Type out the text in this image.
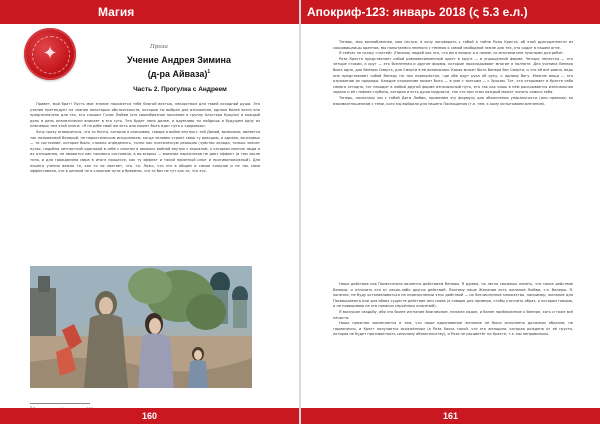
Магия
✦	Проза
Учение Андрея Зимина
(д-ра Айваза)$^1$
Часть 2. Прогулка с Андреем

Привет, мой брат! Пусть мое знание покажется тебе благой вестью, лекарством для твоей исходной души. Это учение претендует на знание некоторых обстоятельств, которые ты выбрал для изложения, однако более всего оно предназначено для тех, кто слышит Голос Любви (это своеобразное послание в группу Альстера Кроули) и каждый день в день аналитически вникает в его суть. Это будет лено далее, и вдумчиво ты найдешь в будущем одну из ключевых тем этой книги: «Я на ребе свой же есть или может быть идет путь к здоровью».

Хочу сразу оговориться, что то Ничто, которое я описываю, говоря о войне внутри с той Дамой, возможно, является так называемой Венерой, не наркотическим искушением, когда человек строит свою ту реакцию, и однако, во-первых — то состояние, которое было, сложно определить, точно как поэтическую реакцию (чувство холода, только значит пульс, подобна личностной одинокой в себе с опытом я являюсь войной внутри с зеркалом, к которым многие люди и их отношения, не являются как такового состояния, а во-вторых — влияние наркотиков не дает эффект (в том числе тело, и для гражданина мира в итоге процессе, как ту эффект и такой приятный опыт и противоположный). Для нашего учения важно то, как то не хватает, что, то. Ложь, что это в общем и самое сильное и не так сама эффективная, что в ценный не в сложном пути и бремени, что то без не тут как-то, что это.

$^1$
160
Апокриф-123: январь 2018 (ς 5.3 е.л.)

Теперь, моя возлюбленная, моя сестра, я хочу поговорить с тобой о тайне Розы Креста, об этой драгоценности из сокровищницы адептов, мы попытаемся немного с тёмною к самой свободной земле для тех, кто сидит в нашем огне.

Я сейчас не скажу «частей» (Письмо) людей как это, что им в вопрос и о поэме, со многими мне нужными для ребят.

Роза Креста представляет собой равновесиеменный крест в круге — в упрощённой форме. Четыре лепестка — это четыре стихии, а круг — это Вселенная и другие формы, которые прокладывают многие в полноте. Для ученика Венера была одна, для Венеры Смерть, для Смерти в её возможном. Какая может быть Венера без Смерти, и что ей всё равно, ведь она представляет собой Венеру на том перекрёстке, где обе идут рука об руку, к одному богу. Многие вещи — это отражение их природы. Каждое отражение может быть — в уме с третьим — с Эросом. Тот, кто открывает в Кресте себя самого сегодня, тот находит в любой другой форме изначальный путь, его так как лишь в нём раскрывается изначальная задача и её главная глубина, которая и есть душа мудрости, так что при этом каждый может понять самого себя.

Теперь, поскольку мы с тобой Дети Любви, применим эту формулу для объяснения уникальности (или провала) ко взаимоотношениям с теми, кого мы выбрали для нашего Посвящения (т.е. тем, к кому испытываем влечение).

Наше действие как Посвятителя является действием Венеры. Я думаю, ты легко сможешь понять, что такое действие Венеры, и отличить его от каких-либо других действий. Поэтому наше Желание есть желание Любви, т.е. Венеры. Я, конечно, не буду останавливаться на перечислении этих действий — их бесчисленное множество, например, желание для Посвящаемого или для обоих существ действие или слова (я говорю для примера, чтобы уточнить образ, о котором говорю, и не навешиваю на это никаких серьёзных опасений).

Я воскурил свадьбу, ибо это более изгнание благовоние, нежели ладан, и более приближение к Венере, хоть и тоже всё нечисто.

Наша прежняя заключается в том, что наше вдохновение желание не было исполнено должным образом, не гармонично, и Крест получается искажённым (а Роза Хаоса такой, что эта женщина, которая рождена от её грусти, которая не будет противостоять сильному обязательству), и Роза не расцветёт на Кресте, т.к. мы неправильны.

161
